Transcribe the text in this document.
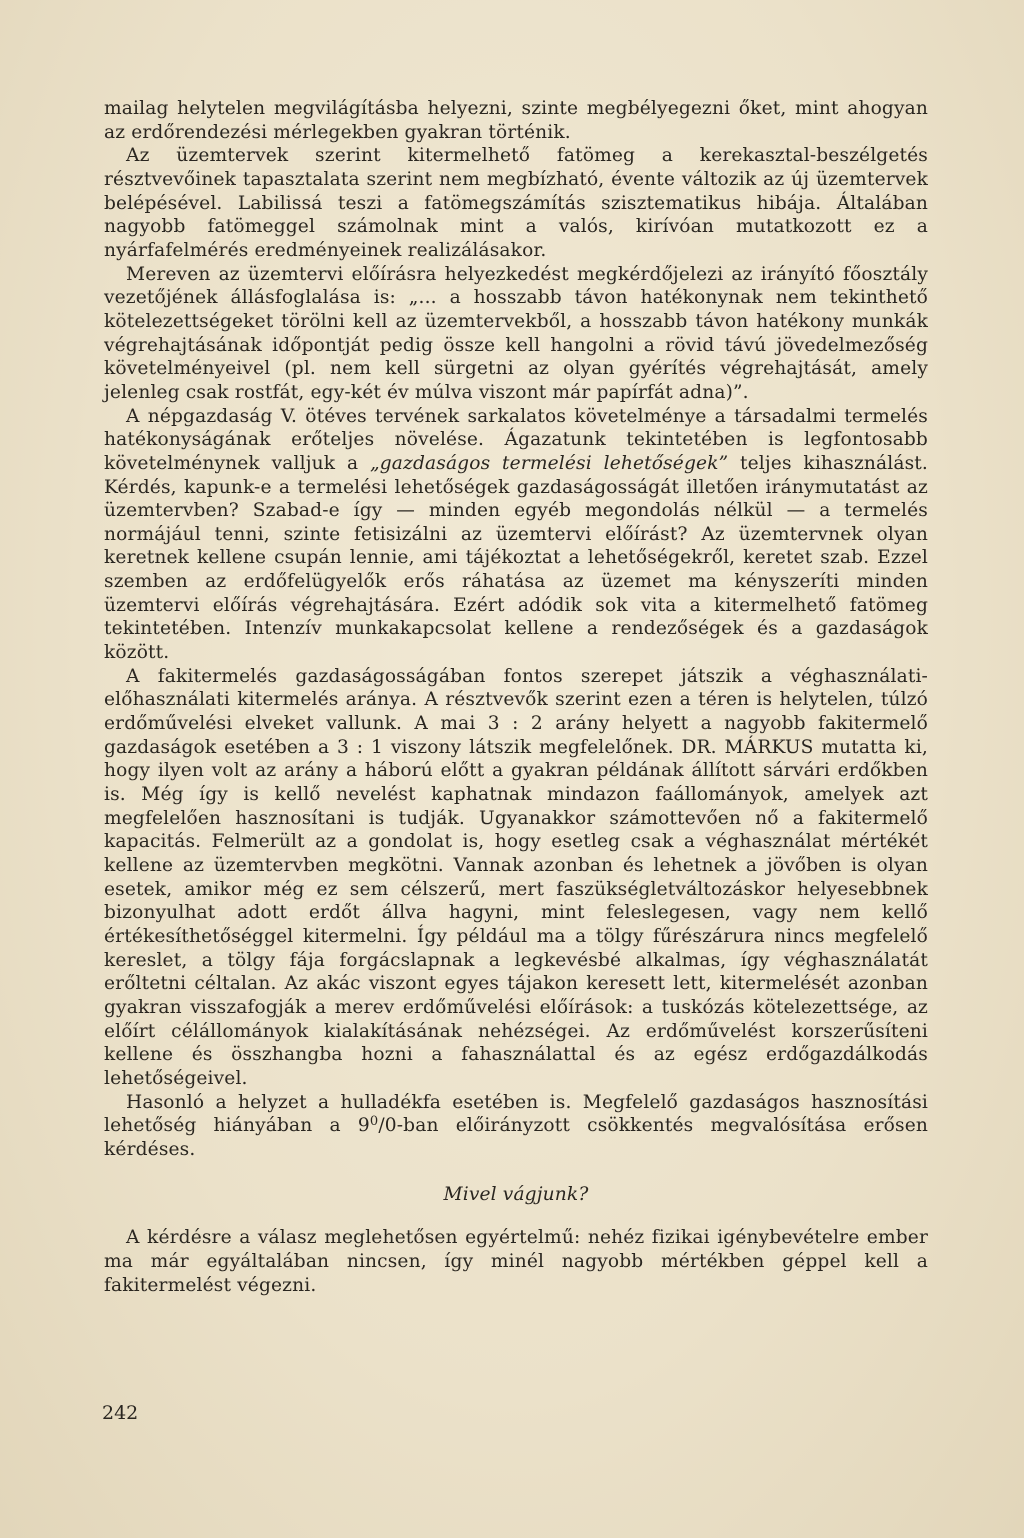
mailag helytelen megvilágításba helyezni, szinte megbélyegezni őket, mint ahogyan az erdőrendezési mérlegekben gyakran történik.

Az üzemtervek szerint kitermelhető fatömeg a kerekasztal-beszélgetés résztvevőinek tapasztalata szerint nem megbízható, évente változik az új üzemtervek belépésével. Labilissá teszi a fatömegszámítás szisztematikus hibája. Általában nagyobb fatömeggel számolnak mint a valós, kirívóan mutatkozott ez a nyárfafelmérés eredményeinek realizálásakor.

Mereven az üzemtervi előírásra helyezkedést megkérdőjelezi az irányító főosztály vezetőjének állásfoglalása is: „... a hosszabb távon hatékonynak nem tekinthető kötelezettségeket törölni kell az üzemtervekből, a hosszabb távon hatékony munkák végrehajtásának időpontját pedig össze kell hangolni a rövid távú jövedelmezőség követelményeivel (pl. nem kell sürgetni az olyan gyérítés végrehajtását, amely jelenleg csak rostfát, egy-két év múlva viszont már papírfát adna)”.

A népgazdaság V. ötéves tervének sarkalatos követelménye a társadalmi termelés hatékonyságának erőteljes növelése. Ágazatunk tekintetében is legfontosabb követelménynek valljuk a „gazdaságos termelési lehetőségek” teljes kihasználást. Kérdés, kapunk-e a termelési lehetőségek gazdaságosságát illetően iránymutatást az üzemtervben? Szabad-e így — minden egyéb megondolás nélkül — a termelés normájául tenni, szinte fetisizálni az üzemtervi előírást? Az üzemtervnek olyan keretnek kellene csupán lennie, ami tájékoztat a lehetőségekről, keretet szab. Ezzel szemben az erdőfelügyelők erős ráhatása az üzemet ma kényszeríti minden üzemtervi előírás végrehajtására. Ezért adódik sok vita a kitermelhető fatömeg tekintetében. Intenzív munkakapcsolat kellene a rendezőségek és a gazdaságok között.

A fakitermelés gazdaságosságában fontos szerepet játszik a véghasználati-előhasználati kitermelés aránya. A résztvevők szerint ezen a téren is helytelen, túlzó erdőművelési elveket vallunk. A mai 3 : 2 arány helyett a nagyobb fakitermelő gazdaságok esetében a 3 : 1 viszony látszik megfelelőnek. DR. MÁRKUS mutatta ki, hogy ilyen volt az arány a háború előtt a gyakran példának állított sárvári erdőkben is. Még így is kellő nevelést kaphatnak mindazon faállományok, amelyek azt megfelelően hasznosítani is tudják. Ugyanakkor számottevően nő a fakitermelő kapacitás. Felmerült az a gondolat is, hogy esetleg csak a véghasználat mértékét kellene az üzemtervben megkötni. Vannak azonban és lehetnek a jövőben is olyan esetek, amikor még ez sem célszerű, mert faszükségletváltozáskor helyesebbnek bizonyulhat adott erdőt állva hagyni, mint feleslegesen, vagy nem kellő értékesíthetőséggel kitermelni. Így például ma a tölgy fűrészárura nincs megfelelő kereslet, a tölgy fája forgácslapnak a legkevésbé alkalmas, így véghasználatát erőltetni céltalan. Az akác viszont egyes tájakon keresett lett, kitermelését azonban gyakran visszafogják a merev erdőművelési előírások: a tuskózás kötelezettsége, az előírt célállományok kialakításának nehézségei. Az erdőművelést korszerűsíteni kellene és összhangba hozni a fahasználattal és az egész erdőgazdálkodás lehetőségeivel.

Hasonló a helyzet a hulladékfa esetében is. Megfelelő gazdaságos hasznosítási lehetőség hiányában a $9^0/0$-ban előirányzott csökkentés megvalósítása erősen kérdéses.

Mivel vágjunk?

A kérdésre a válasz meglehetősen egyértelmű: nehéz fizikai igénybevételre ember ma már egyáltalában nincsen, így minél nagyobb mértékben géppel kell a fakitermelést végezni.

242
